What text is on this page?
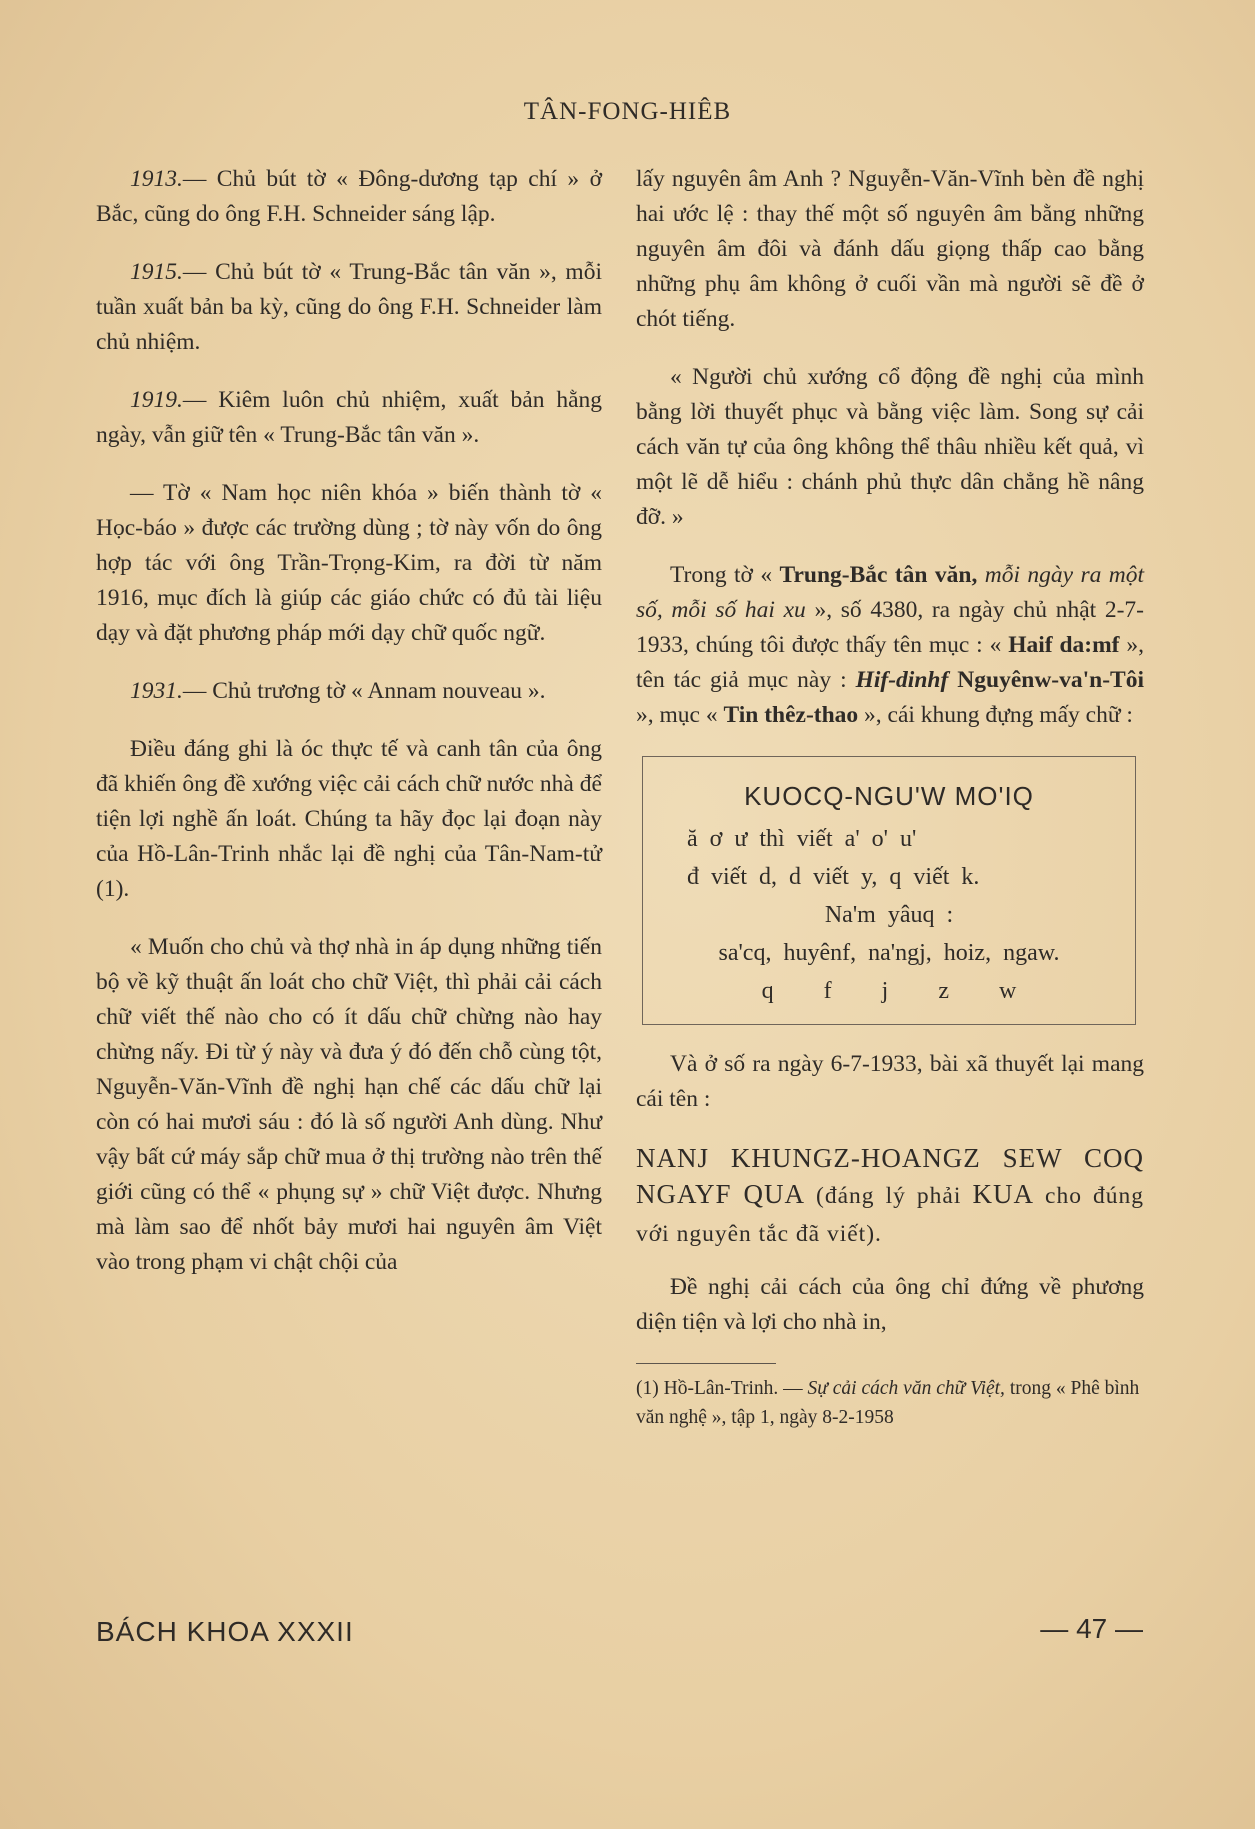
TÂN-FONG-HIÊB

1913.— Chủ bút tờ « Đông-dương tạp chí » ở Bắc, cũng do ông F.H. Schneider sáng lập.

1915.— Chủ bút tờ « Trung-Bắc tân văn », mỗi tuần xuất bản ba kỳ, cũng do ông F.H. Schneider làm chủ nhiệm.

1919.— Kiêm luôn chủ nhiệm, xuất bản hằng ngày, vẫn giữ tên « Trung-Bắc tân văn ».

— Tờ « Nam học niên khóa » biến thành tờ « Học-báo » được các trường dùng ; tờ này vốn do ông hợp tác với ông Trần-Trọng-Kim, ra đời từ năm 1916, mục đích là giúp các giáo chức có đủ tài liệu dạy và đặt phương pháp mới dạy chữ quốc ngữ.

1931.— Chủ trương tờ « Annam nouveau ».

Điều đáng ghi là óc thực tế và canh tân của ông đã khiến ông đề xướng việc cải cách chữ nước nhà để tiện lợi nghề ấn loát. Chúng ta hãy đọc lại đoạn này của Hồ-Lân-Trinh nhắc lại đề nghị của Tân-Nam-tử (1).

« Muốn cho chủ và thợ nhà in áp dụng những tiến bộ về kỹ thuật ấn loát cho chữ Việt, thì phải cải cách chữ viết thế nào cho có ít dấu chữ chừng nào hay chừng nấy. Đi từ ý này và đưa ý đó đến chỗ cùng tột, Nguyễn-Văn-Vĩnh đề nghị hạn chế các dấu chữ lại còn có hai mươi sáu : đó là số người Anh dùng. Như vậy bất cứ máy sắp chữ mua ở thị trường nào trên thế giới cũng có thể « phụng sự » chữ Việt được. Nhưng mà làm sao để nhốt bảy mươi hai nguyên âm Việt vào trong phạm vi chật chội của

lấy nguyên âm Anh ? Nguyễn-Văn-Vĩnh bèn đề nghị hai ước lệ : thay thế một số nguyên âm bằng những nguyên âm đôi và đánh dấu giọng thấp cao bằng những phụ âm không ở cuối vần mà người sẽ đề ở chót tiếng.

« Người chủ xướng cổ động đề nghị của mình bằng lời thuyết phục và bằng việc làm. Song sự cải cách văn tự của ông không thể thâu nhiều kết quả, vì một lẽ dễ hiểu : chánh phủ thực dân chẳng hề nâng đỡ. »

Trong tờ « Trung-Bắc tân văn, mỗi ngày ra một số, mỗi số hai xu », số 4380, ra ngày chủ nhật 2-7-1933, chúng tôi được thấy tên mục : « Haif da:mf », tên tác giả mục này : Hif-dinhf Nguyênw-va'n-Tôi », mục « Tin thêz-thao », cái khung đựng mấy chữ :

KUOCQ-NGU'W MO'IQ
ă ơ ư thì viết a' o' u'
đ viết d, d viết y, q viết k.
Na'm yâuq :
sa'cq, huyênf, na'ngj, hoiz, ngaw.
q f j z w

Và ở số ra ngày 6-7-1933, bài xã thuyết lại mang cái tên :

NANJ KHUNGZ-HOANGZ SEW COQ NGAYF QUA (đáng lý phải KUA cho đúng với nguyên tắc đã viết).

Đề nghị cải cách của ông chỉ đứng về phương diện tiện và lợi cho nhà in,

(1) Hồ-Lân-Trinh. — Sự cải cách văn chữ Việt, trong « Phê bình văn nghệ », tập 1, ngày 8-2-1958

BÁCH KHOA XXXII	— 47 —
